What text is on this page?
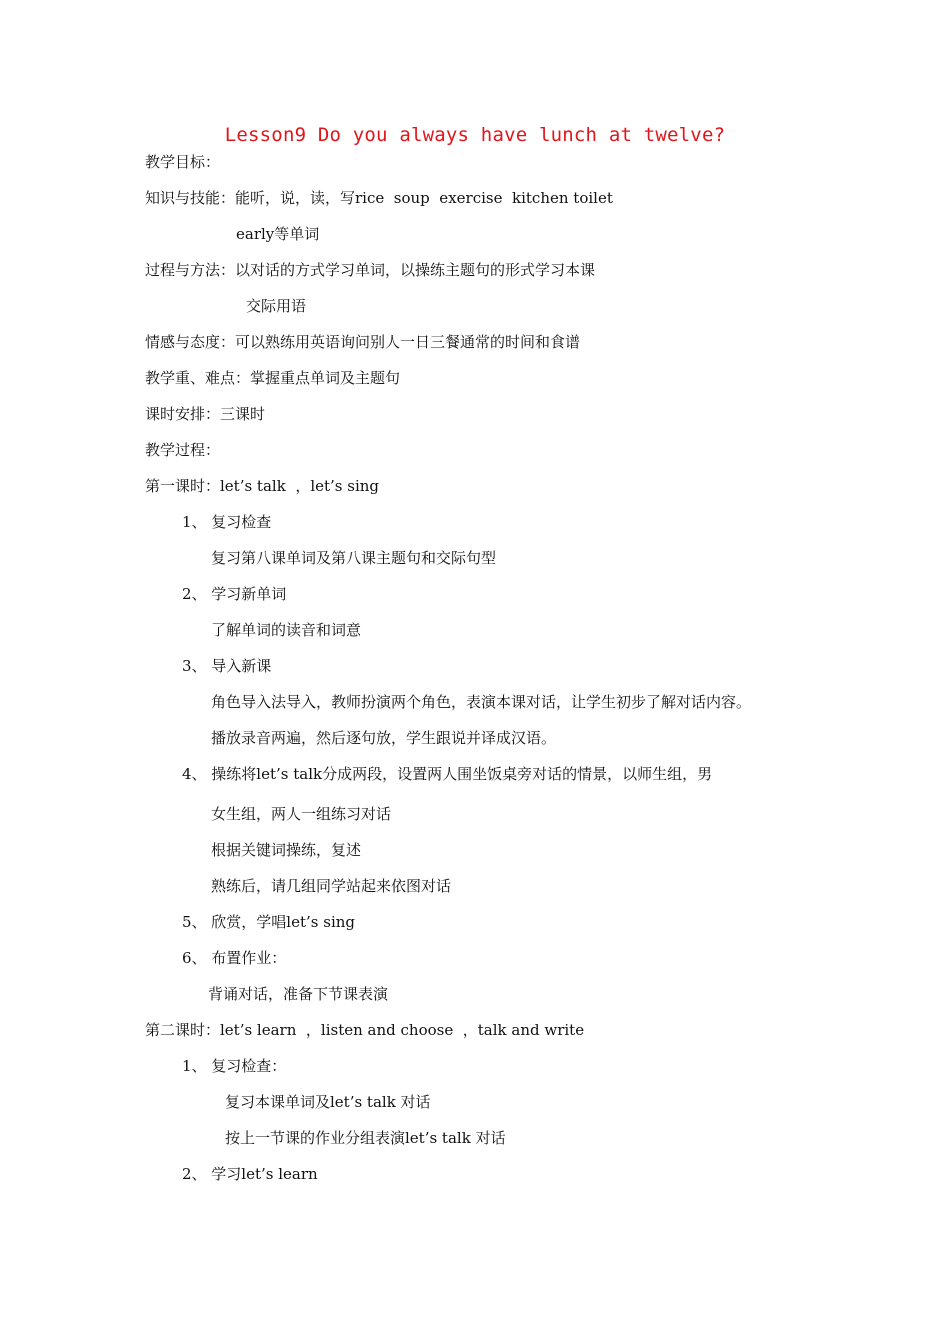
Lesson9 Do you always have lunch at twelve?
教学目标：
知识与技能：能听，说，读，写rice  soup  exercise  kitchen toilet
early等单词
过程与方法：以对话的方式学习单词，以操练主题句的形式学习本课
交际用语
情感与态度：可以熟练用英语询问别人一日三餐通常的时间和食谱
教学重、难点：掌握重点单词及主题句
课时安排：三课时
教学过程：
第一课时：let’s talk  ，let’s sing
1、 复习检查
复习第八课单词及第八课主题句和交际句型
2、 学习新单词
了解单词的读音和词意
3、 导入新课
角色导入法导入，教师扮演两个角色，表演本课对话，让学生初步了解对话内容。
播放录音两遍，然后逐句放，学生跟说并译成汉语。
4、 操练将let’s talk分成两段，设置两人围坐饭桌旁对话的情景，以师生组，男
女生组，两人一组练习对话
根据关键词操练，复述
熟练后，请几组同学站起来依图对话
5、 欣赏，学唱let’s sing
6、 布置作业：
背诵对话，准备下节课表演
第二课时：let’s learn  ，listen and choose  ，talk and write
1、 复习检查：
复习本课单词及let’s talk 对话
按上一节课的作业分组表演let’s talk 对话
2、 学习let’s learn
